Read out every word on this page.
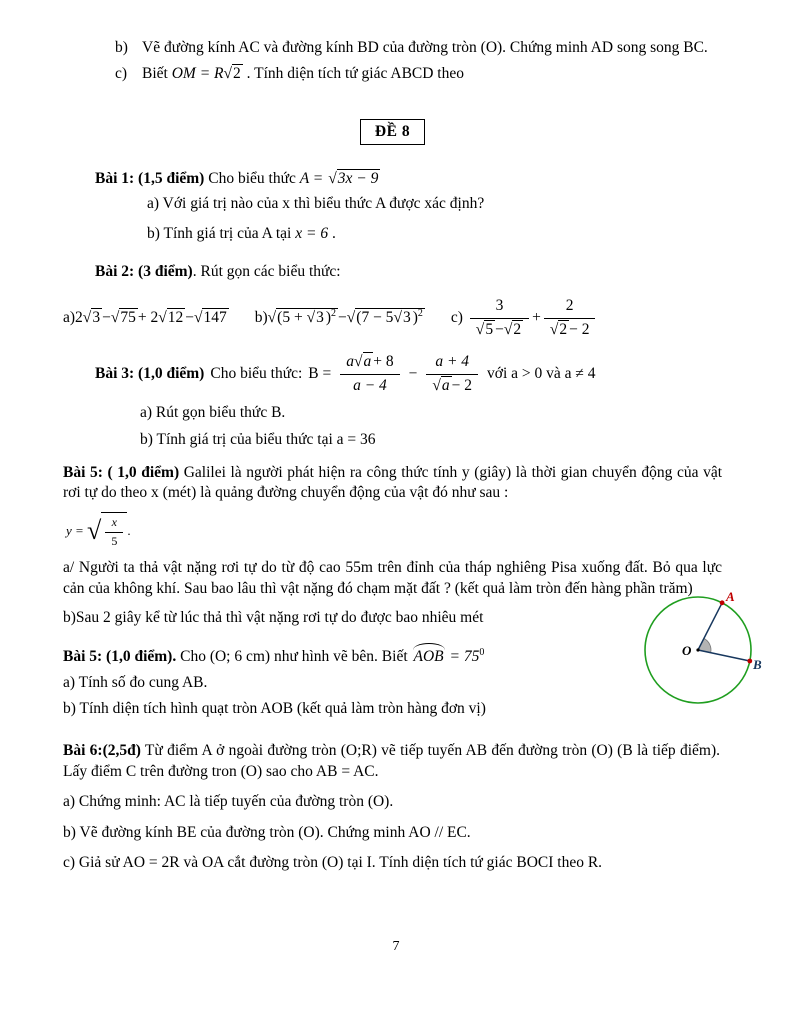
b) Vẽ đường kính AC và đường kính BD của đường tròn (O). Chứng minh AD song song BC.
c) Biết OM = R √ 2 . Tính diện tích tứ giác ABCD theo
ĐỀ 8
Bài 1: (1,5 điểm) Cho biểu thức A = √ 3x − 9
a) Với giá trị nào của x thì biểu thức A được xác định?
b) Tính giá trị của A tại x = 6 .
Bài 2: (3 điểm). Rút gọn các biểu thức:
a) 2 √ 3 − √ 75 + 2 √ 12 − √ 147 b) √ (5 + √ 3 )$^2$ − √ (7 − 5 √ 3 )$^2$ c)
3
√ 5 − √ 2 + 2
√ 2 − 2
Bài 3: (1,0 điểm) Cho biểu thức: $B = \frac{a √ a + 8}{a - 4} - a + 4$
√ a − 2 với a > 0 và a ≠ 4
a) Rút gọn biểu thức B.
b) Tính giá trị của biểu thức tại a = 36
Bài 5: ( 1,0 điểm) Galilei là người phát hiện ra công thức tính y (giây) là thời gian chuyển động của vật rơi tự do theo x (mét) là quảng đường chuyển động của vật đó như sau :
y =
√ $\frac{x}{5}$ .
a/ Người ta thả vật nặng rơi tự do từ độ cao 55m trên đỉnh của tháp nghiêng Pisa xuống đất. Bỏ qua lực cản của không khí. Sau bao lâu thì vật nặng đó chạm mặt đất ? (kết quả làm tròn đến hàng phần trăm)
b)Sau 2 giây kể từ lúc thả thì vật nặng rơi tự do được bao nhiêu mét
Bài 5: (1,0 điểm). Cho (O; 6 cm) như hình vẽ bên. Biết AOB = $75^0$
a) Tính số đo cung AB.
b) Tính diện tích hình quạt tròn AOB (kết quả làm tròn hàng đơn vị)
Bài 6:(2,5đ) Từ điểm A ở ngoài đường tròn (O;R) vẽ tiếp tuyến AB đến đường tròn (O) (B là tiếp điểm). Lấy điểm C trên đường tron (O) sao cho AB = AC.
a) Chứng minh: AC là tiếp tuyến của đường tròn (O).
b) Vẽ đường kính BE của đường tròn (O). Chứng minh AO // EC.
c) Giả sử AO = 2R và OA cắt đường tròn (O) tại I. Tính diện tích tứ giác BOCI theo R.
A
O
B
7
